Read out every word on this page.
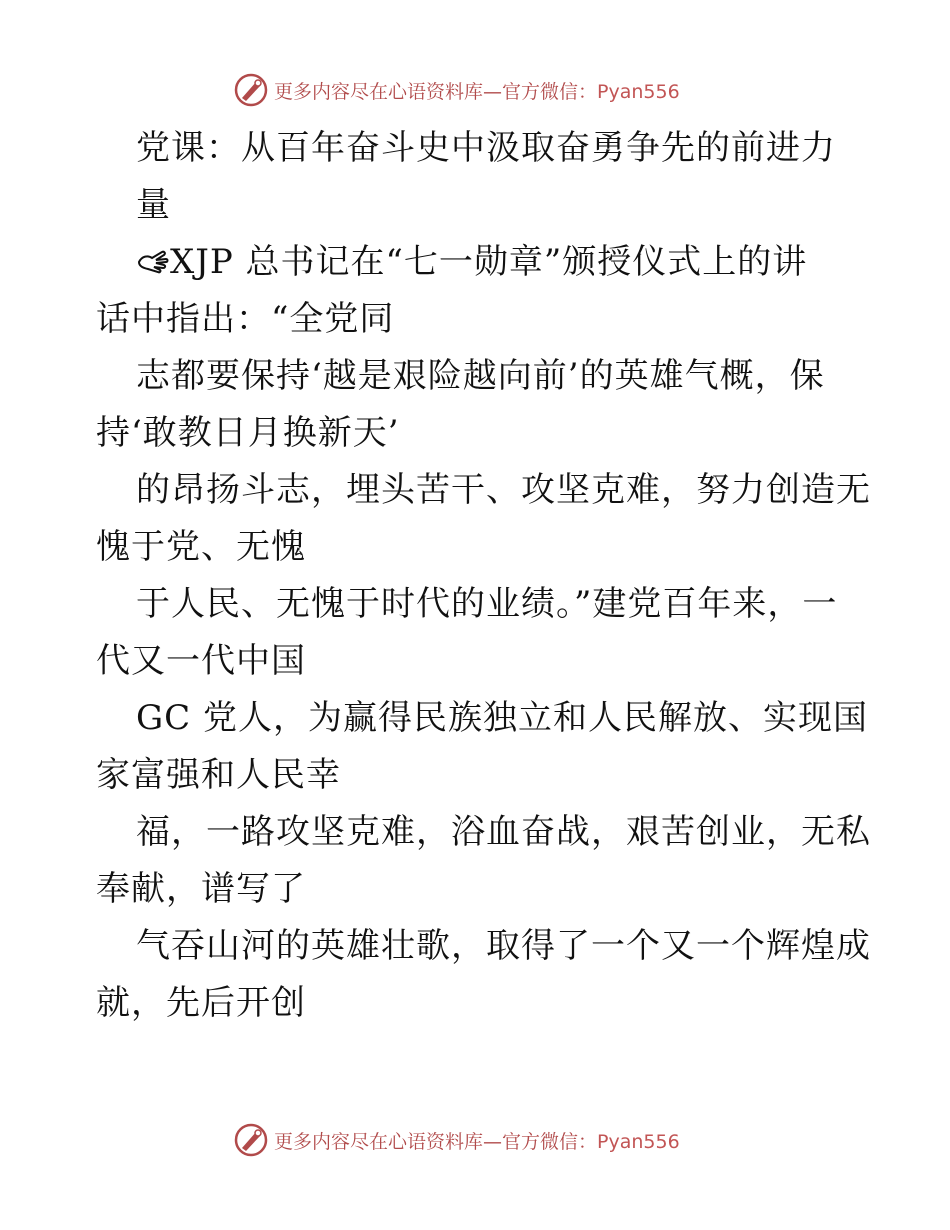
更多内容尽在心语资料库—官方微信：Pyan556
党课：从百年奋斗史中汲取奋勇争先的前进力
量
XJP 总书记在“七一勋章”颁授仪式上的讲
话中指出：“全党同
志都要保持‘越是艰险越向前’的英雄气概，保
持‘敢教日月换新天’
的昂扬斗志，埋头苦干、攻坚克难，努力创造无
愧于党、无愧
于人民、无愧于时代的业绩。”建党百年来，一
代又一代中国
GC 党人，为赢得民族独立和人民解放、实现国
家富强和人民幸
福，一路攻坚克难，浴血奋战，艰苦创业，无私
奉献，谱写了
气吞山河的英雄壮歌，取得了一个又一个辉煌成
就，先后开创
更多内容尽在心语资料库—官方微信：Pyan556
